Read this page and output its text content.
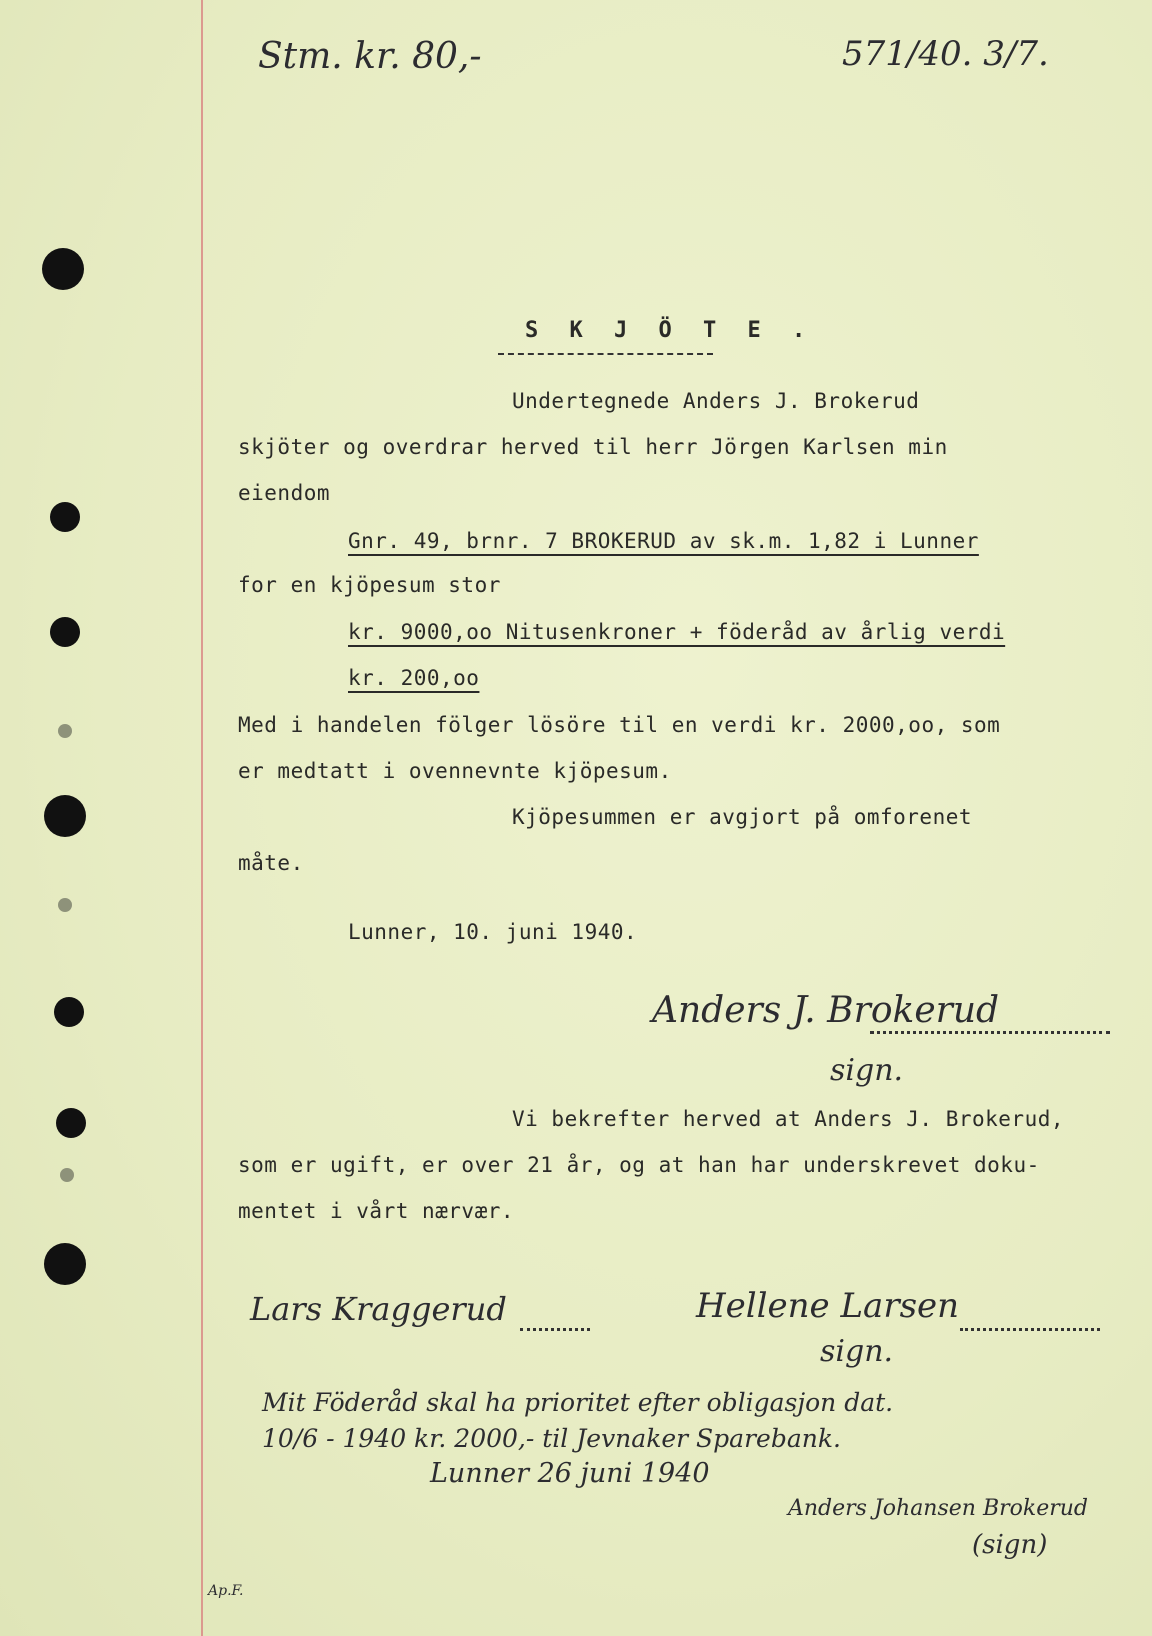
Stm. kr. 80,-	571/40. 3/7.
S K J Ö T E .
Undertegnede Anders J. Brokerud
skjöter og overdrar herved til herr Jörgen Karlsen min
eiendom
Gnr. 49, brnr. 7 BROKERUD av sk.m. 1,82 i Lunner
for en kjöpesum stor
kr. 9000,oo Nitusenkroner + föderåd av årlig verdi
kr. 200,oo
Med i handelen fölger lösöre til en verdi kr. 2000,oo, som
er medtatt i ovennevnte kjöpesum.
Kjöpesummen er avgjort på omforenet
måte.
Lunner, 10. juni 1940.
Anders J. Brokerud
sign.
Vi bekrefter herved at Anders J. Brokerud,
som er ugift, er over 21 år, og at han har underskrevet doku-
mentet i vårt nærvær.
Lars Kraggerud	Hellene Larsen
sign.
Mit Föderåd skal ha prioritet efter obligasjon dat.
10/6 - 1940 kr. 2000,- til Jevnaker Sparebank.
Lunner 26 juni 1940
Anders Johansen Brokerud
(sign)
Ap.F.
